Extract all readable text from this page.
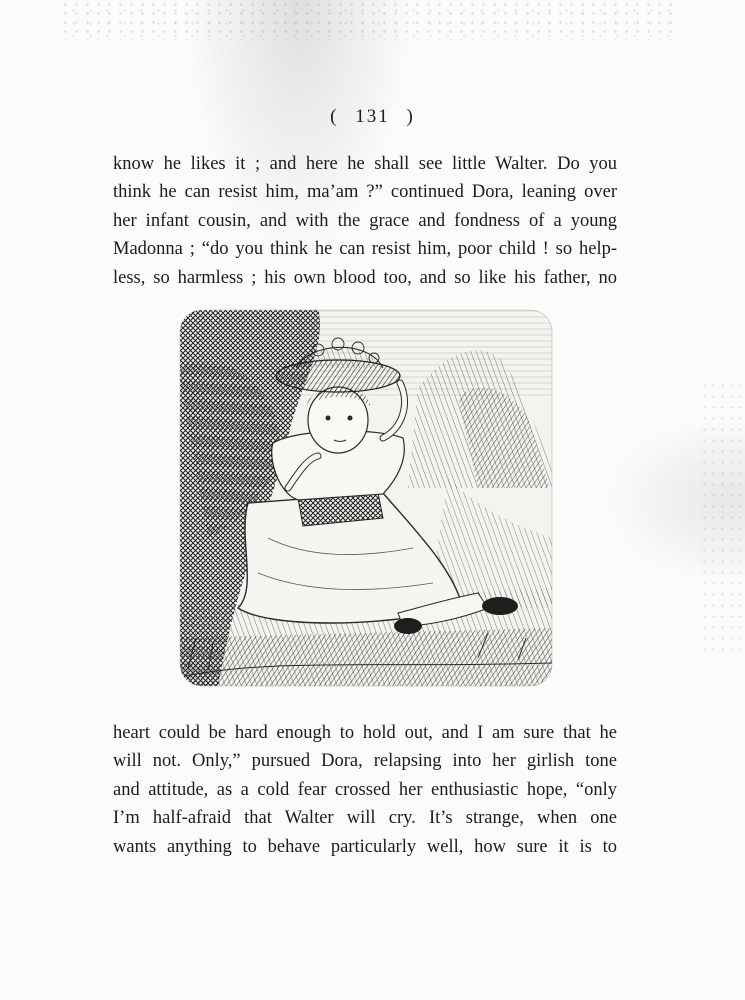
( 131 )
know he likes it ; and here he shall see little Walter. Do you
think he can resist him, ma’am ?” continued Dora, leaning over
her infant cousin, and with the grace and fondness of a young
Madonna ; “do you think he can resist him, poor child ! so help-
less, so harmless ; his own blood too, and so like his father, no
heart could be hard enough to hold out, and I am sure that he
will not. Only,” pursued Dora, relapsing into her girlish tone
and attitude, as a cold fear crossed her enthusiastic hope, “only
I’m half-afraid that Walter will cry. It’s strange, when one
wants anything to behave particularly well, how sure it is to
